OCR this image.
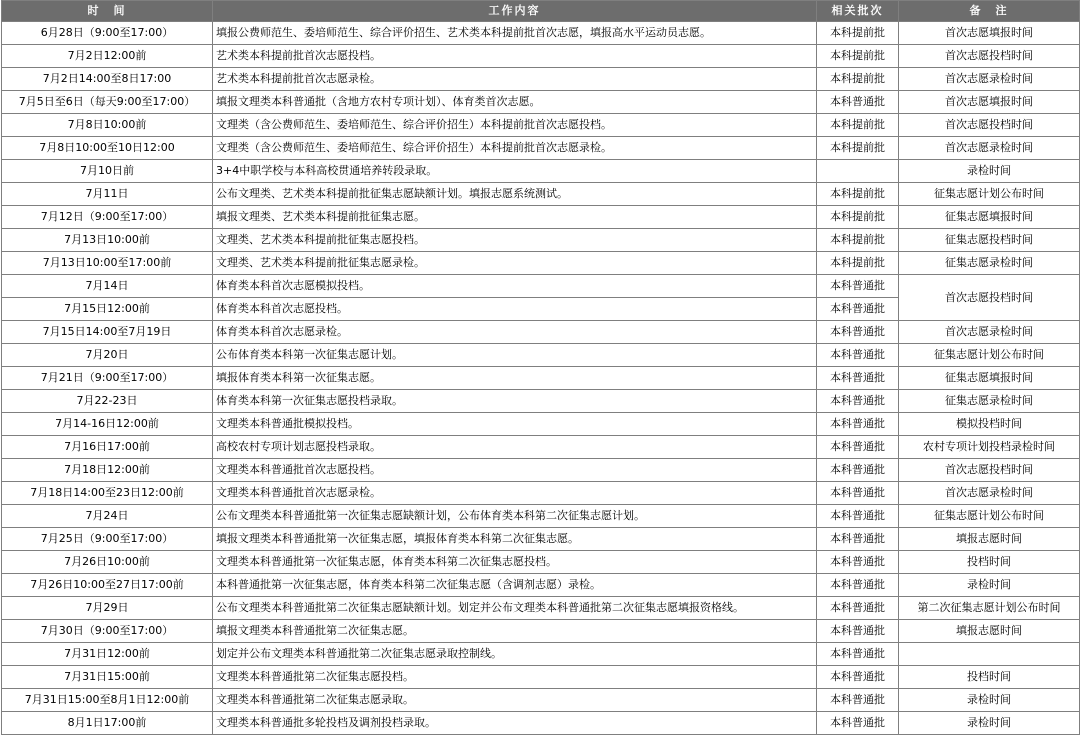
时　间	工作内容	相关批次	备　注
6月28日（9:00至17:00）	填报公费师范生、委培师范生、综合评价招生、艺术类本科提前批首次志愿，填报高水平运动员志愿。	本科提前批	首次志愿填报时间
7月2日12:00前	艺术类本科提前批首次志愿投档。	本科提前批	首次志愿投档时间
7月2日14:00至8日17:00	艺术类本科提前批首次志愿录检。	本科提前批	首次志愿录检时间
7月5日至6日（每天9:00至17:00）	填报文理类本科普通批（含地方农村专项计划）、体育类首次志愿。	本科普通批	首次志愿填报时间
7月8日10:00前	文理类（含公费师范生、委培师范生、综合评价招生）本科提前批首次志愿投档。	本科提前批	首次志愿投档时间
7月8日10:00至10日12:00	文理类（含公费师范生、委培师范生、综合评价招生）本科提前批首次志愿录检。	本科提前批	首次志愿录检时间
7月10日前	3+4中职学校与本科高校贯通培养转段录取。		录检时间
7月11日	公布文理类、艺术类本科提前批征集志愿缺额计划。填报志愿系统测试。	本科提前批	征集志愿计划公布时间
7月12日（9:00至17:00）	填报文理类、艺术类本科提前批征集志愿。	本科提前批	征集志愿填报时间
7月13日10:00前	文理类、艺术类本科提前批征集志愿投档。	本科提前批	征集志愿投档时间
7月13日10:00至17:00前	文理类、艺术类本科提前批征集志愿录检。	本科提前批	征集志愿录检时间
7月14日	体育类本科首次志愿模拟投档。	本科普通批	首次志愿投档时间
7月15日12:00前	体育类本科首次志愿投档。	本科普通批	
7月15日14:00至7月19日	体育类本科首次志愿录检。	本科普通批	首次志愿录检时间
7月20日	公布体育类本科第一次征集志愿计划。	本科普通批	征集志愿计划公布时间
7月21日（9:00至17:00）	填报体育类本科第一次征集志愿。	本科普通批	征集志愿填报时间
7月22-23日	体育类本科第一次征集志愿投档录取。	本科普通批	征集志愿录检时间
7月14-16日12:00前	文理类本科普通批模拟投档。	本科普通批	模拟投档时间
7月16日17:00前	高校农村专项计划志愿投档录取。	本科普通批	农村专项计划投档录检时间
7月18日12:00前	文理类本科普通批首次志愿投档。	本科普通批	首次志愿投档时间
7月18日14:00至23日12:00前	文理类本科普通批首次志愿录检。	本科普通批	首次志愿录检时间
7月24日	公布文理类本科普通批第一次征集志愿缺额计划，公布体育类本科第二次征集志愿计划。	本科普通批	征集志愿计划公布时间
7月25日（9:00至17:00）	填报文理类本科普通批第一次征集志愿，填报体育类本科第二次征集志愿。	本科普通批	填报志愿时间
7月26日10:00前	文理类本科普通批第一次征集志愿，体育类本科第二次征集志愿投档。	本科普通批	投档时间
7月26日10:00至27日17:00前	本科普通批第一次征集志愿，体育类本科第二次征集志愿（含调剂志愿）录检。	本科普通批	录检时间
7月29日	公布文理类本科普通批第二次征集志愿缺额计划。划定并公布文理类本科普通批第二次征集志愿填报资格线。	本科普通批	第二次征集志愿计划公布时间
7月30日（9:00至17:00）	填报文理类本科普通批第二次征集志愿。	本科普通批	填报志愿时间
7月31日12:00前	划定并公布文理类本科普通批第二次征集志愿录取控制线。	本科普通批	
7月31日15:00前	文理类本科普通批第二次征集志愿投档。	本科普通批	投档时间
7月31日15:00至8月1日12:00前	文理类本科普通批第二次征集志愿录取。	本科普通批	录检时间
8月1日17:00前	文理类本科普通批多轮投档及调剂投档录取。	本科普通批	录检时间
